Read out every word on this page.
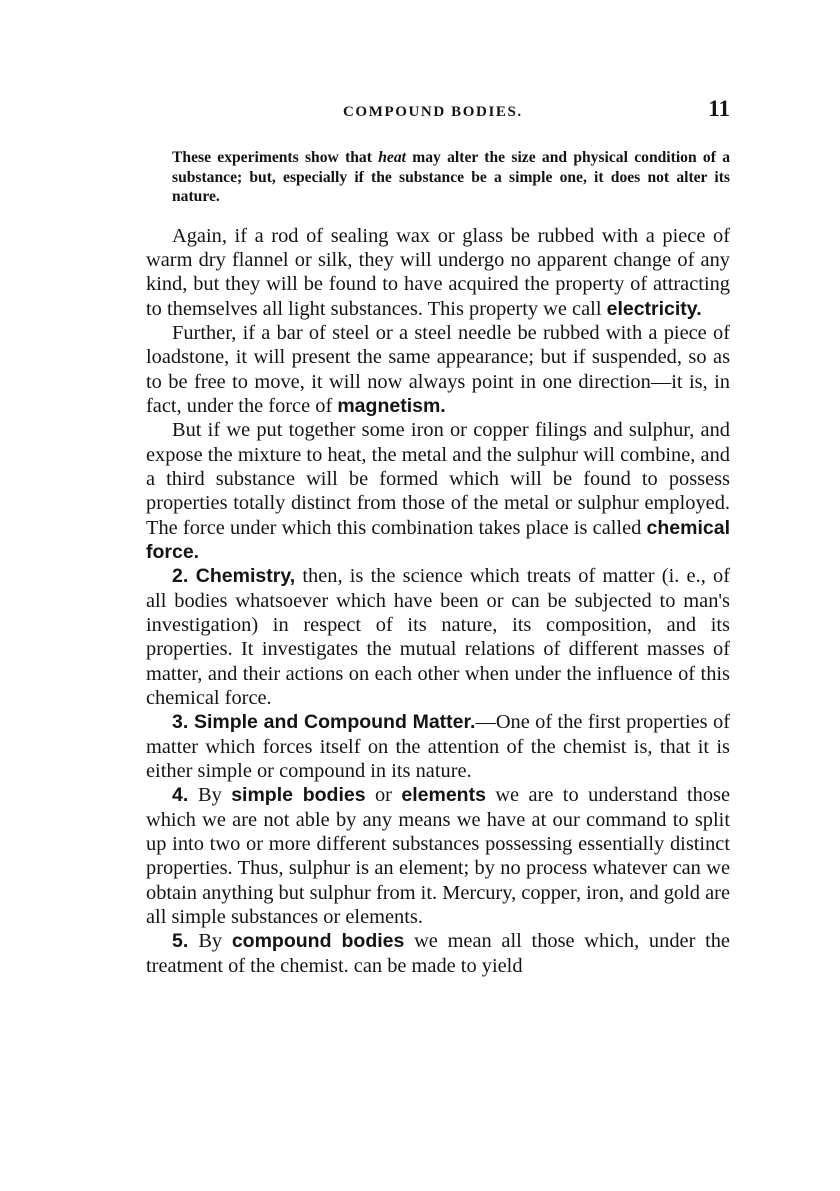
COMPOUND BODIES.	11

These experiments show that heat may alter the size and physical condition of a substance; but, especially if the substance be a simple one, it does not alter its nature.

Again, if a rod of sealing wax or glass be rubbed with a piece of warm dry flannel or silk, they will undergo no apparent change of any kind, but they will be found to have acquired the property of attracting to themselves all light substances. This property we call electricity.

Further, if a bar of steel or a steel needle be rubbed with a piece of loadstone, it will present the same appearance; but if suspended, so as to be free to move, it will now always point in one direction—it is, in fact, under the force of magnetism.

But if we put together some iron or copper filings and sulphur, and expose the mixture to heat, the metal and the sulphur will combine, and a third substance will be formed which will be found to possess properties totally distinct from those of the metal or sulphur employed. The force under which this combination takes place is called chemical force.

2. Chemistry, then, is the science which treats of matter (i. e., of all bodies whatsoever which have been or can be subjected to man's investigation) in respect of its nature, its composition, and its properties. It investigates the mutual relations of different masses of matter, and their actions on each other when under the influence of this chemical force.

3. Simple and Compound Matter.—One of the first properties of matter which forces itself on the attention of the chemist is, that it is either simple or compound in its nature.

4. By simple bodies or elements we are to understand those which we are not able by any means we have at our command to split up into two or more different substances possessing essentially distinct properties. Thus, sulphur is an element; by no process whatever can we obtain anything but sulphur from it. Mercury, copper, iron, and gold are all simple substances or elements.

5. By compound bodies we mean all those which, under the treatment of the chemist. can be made to yield
